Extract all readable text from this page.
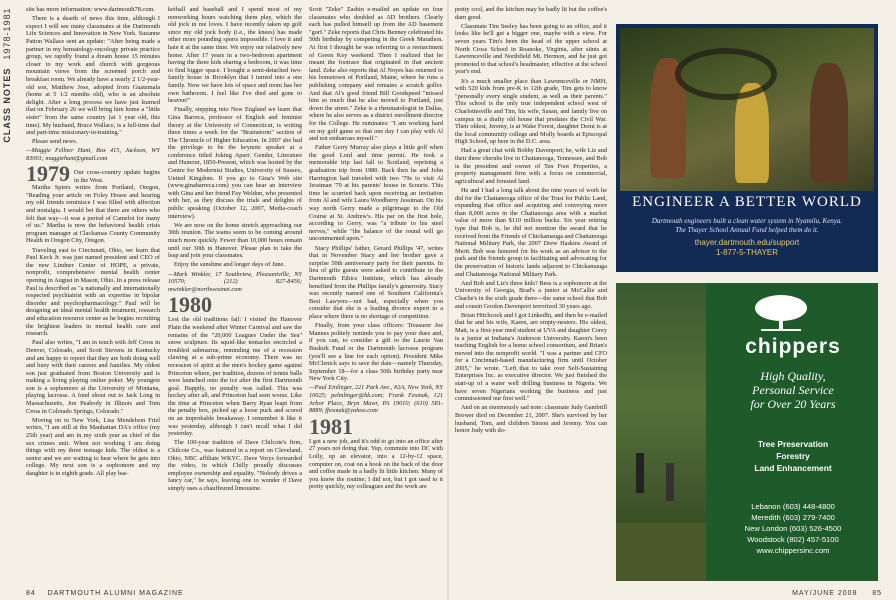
CLASS NOTES 1978-1981	site has more information: www.dartmouth78.com.

There is a dearth of news this time, although I expect I will see many classmates at the Dartmouth Life Sciences and Innovation in New York. Suzanne Patton Wallace sent an update: "After being made a partner in my hematology-oncology private practice group, we rapidly found a dream house 15 minutes closer to my work and church with gorgeous mountain views from the screened porch and breakfast room. We already have a nearly 2 1/2-year-old son, Matthew Jose, adopted from Guatemala (home at 5 1/2 months old), who is an absolute delight. After a long process we have just learned that on February 26 we will bring him home a "little sister" from the same country (at 1 year old, this time). My husband, Bruce Wallace, is a full-time dad and part-time missionary-in-training."

Please send news.

—Maggie Fellner Hunt, Box 415, Jackson, WY 83001; maggiehunt@gmail.com

1979 Our cross-country update begins in the West.

Martha Spiers writes from Portland, Oregon, "Reading your article on Foley House and hearing my old friends reminisce I was filled with affection and nostalgia. I would bet that there are others who felt that way—it was a period of Camelot for many of us." Martha is now the behavioral health crisis program manager at Clackamas County Community Health in Oregon City, Oregon.

Traveling east to Cincinnati, Ohio, we learn that Paul Keck Jr. was just named president and CEO of the new Lindner Center of HOPE, a private, nonprofit, comprehensive mental health center opening in August in Mason, Ohio. In a press release Paul is described as "a nationally and internationally respected psychiatrist with an expertise in bipolar disorder and psychopharmacology." Paul will be designing an ideal mental health treatment, research and education resource center as he begins recruiting the brightest leaders in mental health care and research.

Paul also writes, "I am in touch with Jeff Cross in Denver, Colorado, and Scott Stevens in Kentucky and am happy to report that they are both doing well and busy with their careers and families. My oldest son just graduated from Boston University and is making a living playing online poker. My youngest son is a sophomore at the University of Montana, playing lacrosse. A fond shout out to Jack Long in Massachusetts, Jon Peabody in Illinois and Tom Cross in Colorado Springs, Colorado."

Moving on to New York, Lisa Mendelson Friel writes, "I am still at the Manhattan DA's office (my 25th year) and am in my sixth year as chief of the sex crimes unit. When not working I am doing things with my three teenage kids. The oldest is a senior and we are waiting to hear where he gets into college. My next son is a sophomore and my daughter is in eighth grade. All play bas-

ketball and baseball and I spend most of my nonworking hours watching them play, which the old jock in me loves. I have recently taken up golf since my old jock body (i.e., the knees) has made other more pounding sports impossible. I love it and hate it at the same time. We enjoy our relatively new home. After 17 years in a two-bedroom apartment having the three kids sharing a bedroom, it was time to find bigger space. I bought a semi-detached two-family house in Brooklyn that I turned into a one family. Now we have lots of space and mom has her own bathroom. I feel like I've died and gone to heaven!"

Finally, stepping into New England we learn that Gina Barreca, professor of English and feminist theory at the University of Connecticut, is writing three times a week for the "Brainstorm" section of The Chronicle of Higher Education. In 2007 she had the privilege to be the keynote speaker at a conference titled Joking Apart: Gender, Literature and Humour, 1850-Present, which was hosted by the Centre for Modernist Studies, University of Sussex, United Kingdom. If you go to Gina's Web site (www.ginabarreca.com) you can hear an interview with Gina and her friend Fay Weldon, who presented with her, as they discuss the trials and delights of public speaking (October 12, 2007, Media-coach interview).

We are now on the home stretch approaching our 30th reunion. The teams seem to be coming around much more quickly. Fewer than 10,000 hours remain until our 30th in Hanover. Please plan to take the leap and join your classmates.

Enjoy the sunshine and longer days of June.

—Mark Winkler, 17 Southview, Pleasantville, NY 10570; (212) 827-8456; mwinkler@northwestnet.com

1980

Lest the old traditions fail: I visited the Hanover Plain the weekend after Winter Carnival and saw the remains of the "20,000 Leagues Under the Sea" snow sculpture. Its squid-like tentacles encircled a troubled submarine, reminding me of a recession clawing at a sub-prime economy. There was no recession of spirit at the men's hockey game against Princeton where, per tradition, dozens of tennis balls were launched onto the ice after the first Dartmouth goal. Happily, no penalty was called. This was hockey after all, and Princeton had seen worse. Like the time at Princeton when Barry Ryan leapt from the penalty box, picked up a loose puck and scored on an improbable breakaway. I remember it like it was yesterday, although I can't recall what I did yesterday.

The 100-year tradition of Dave Chilcote's firm, Chilcote Co., was featured in a report on Cleveland, Ohio, NBC affiliate WKYC. Dave Vorys forwarded the video, in which Chilly proudly discusses employee ownership and equality. "Nobody drives a fancy car," he says, leaving one to wonder if Dave simply uses a chauffeured limousine.

Scott "Zeke" Zashin e-mailed an update on four classmates who doubled as AD brothers. Clearly each has pulled himself up from the AD basement "gorf." Zeke reports that Chris Benney celebrated his 50th birthday by competing in the Greek Marathon. At first I thought he was referring to a reenactment of Green Key weekend. Then I realized that he meant the footrace that originated in that ancient land. Zeke also reports that Al Noyes has returned to his hometown of Portland, Maine, where he runs a publishing company and remains a scratch golfer. And that Al's good friend Bill Goodspeed "missed him so much that he also moved to Portland, just down the street." Zeke is a rheumatologist in Dallas, where he also serves as a district enrollment director for the College. He ruminates: "I am working hard on my golf game so that one day I can play with Al and not embarrass myself."

Father Gerry Murray also plays a little golf when the good Lord and time permit. He took a memorable trip last fall to Scotland, reprising a graduation trip from 1980. Back then he and John Harrington had traveled with two '79s to visit Al Jessiman '79 at his parents' house in Scourie. This time he scurried back upon receiving an invitation from Al and wife Laura Woodberry Jessiman. On his way north Gerry made a pilgrimage to the Old Course at St. Andrew's. His par on the first hole, according to Gerry, was "a tribute to his steel nerves," while "the balance of the round will go uncommented upon."

Stacy Phillips' father, Gerard Phillips '47, writes that in November Stacy and her brother gave a surprise 50th anniversary party for their parents. In lieu of gifts guests were asked to contribute to the Dartmouth Ethics Institute, which has already benefited from the Phillips family's generosity. Stacy was recently named one of Southern California's Best Lawyers—not bad, especially when you consider that she is a leading divorce expert in a place where there is no shortage of competition.

Finally, from your class officers: Treasurer Joe Mannes politely reminds you to pay your dues and, if you can, to consider a gift to the Laurie Van Buskirk Fund or the Dartmouth lacrosse program (you'll see a line for each option). President Mike McClenick says to save the date—namely Thursday, September 18—for a class 50th birthday party near New York City.

—Paul Einlinger, 221 Park Ave., #2A, New York, NY 10025; pelmlinger@hk.com; Frank Fesmak, 121 Arbor Place, Bryn Mawr, PA 19010; (610) 581-8889; ffesmak@yahoo.com

1981

I got a new job, and it's odd to go into an office after 27 years not doing that. Yup, commute into DC with Lolly, up an elevator, into a 12-by-12 space, computer on, coat on a hook on the back of the door and coffee made in a badly lit little kitchen. Many of you know the routine; I did not, but I got used to it pretty quickly, my colleagues and the work are

pretty cool, and the kitchen may be badly lit but the coffee's darn good.

Classmate Tim Seeley has been going to an office, and it looks like he'll get a bigger one, maybe with a view. For seven years Tim's been the head of the upper school at North Cross School in Roanoke, Virginia, after stints at Lawrenceville and Northfield Mt. Hermon, and he just got promoted to that school's headmaster, effective at the school year's end.

It's a much smaller place than Lawrenceville or NMH, with 520 kids from pre-K to 12th grade, Tim gets to know "personally every single student, as well as their parents." This school is the only true independent school west of Charlottesville and Tim, his wife, Susan, and family live on campus in a drafty old house that predates the Civil War. Their oldest, Jeremy, is at Wake Forest, daughter Demi is at the local community college and Molly boards at Episcopal High School, up here in the D.C. area.

Had a great chat with Bobby Davenport; he, wife Liz and their three cherubs live in Chattanooga, Tennessee, and Bob is the president and owner of Ten Foot Properties, a property management firm with a focus on commercial, agricultural and forested land.

He and I had a long talk about the nine years of work he did for the Chattanooga office of the Trust for Public Land, expanding that office and acquiring and conveying more than 8,000 acres in the Chattanooga area with a market value of more than $110 million bucks. Six year retiring type that Bob is, he did not mention the award that he received from the Friends of Chickamauga and Chattanooga National Military Park, the 2007 Drew Haskins Award of Merit. Bob was honored for his work as an advisor to the park and the friends group in facilitating and advocating for the preservation of historic lands adjacent to Chickamauga and Chattanooga National Military Park.

And Bob and Liz's three kids? Bess is a sophomore at the University of Georgia, Brad's a junior at McCallie and Charlie's in the sixth grade there—the same school that Bob and cousin Gordon Davenport terrorized 30 years ago.

Brian Hitchcock and I got LinkedIn, and then he e-mailed that he and his wife, Karen, are empty-nesters. His oldest, Matt, is a first-year med student at UVA and daughter Corey is a junior at Indiana's Anderson University. Karen's been teaching English for a home school consortium, and Brian's moved into the nonprofit world. "I was a partner and CFO for a Cincinnati-based manufacturing firm until October 2005," he wrote. "Left that to take over Self-Sustaining Enterprises Inc. as executive director. We just finished the start-up of a water well drilling business in Nigeria. We have seven Nigerians working the business and just commissioned our first well."

And on an enormously sad note: classmate Judy Gambrill Brower died on December 21, 2007. She's survived by her husband, Tom, and children Simon and Jeremy. You can honor Judy with do-

ENGINEER A BETTER WORLD
Dartmouth engineers built a clean water system in Nyamilu, Kenya.
The Thayer School Annual Fund helped them do it.
thayer.dartmouth.edu/support
1-877-5-THAYER
chippers
High Quality,
Personal Service
for Over 20 Years
Tree Preservation
Forestry
Land Enhancement
Lebanon (603) 448-4800
Meredith (603) 279-7400
New London (603) 526-4500
Woodstock (802) 457-5100
www.chippersinc.com
84 DARTMOUTH ALUMNI MAGAZINE	MAY/JUNE 2008 85
